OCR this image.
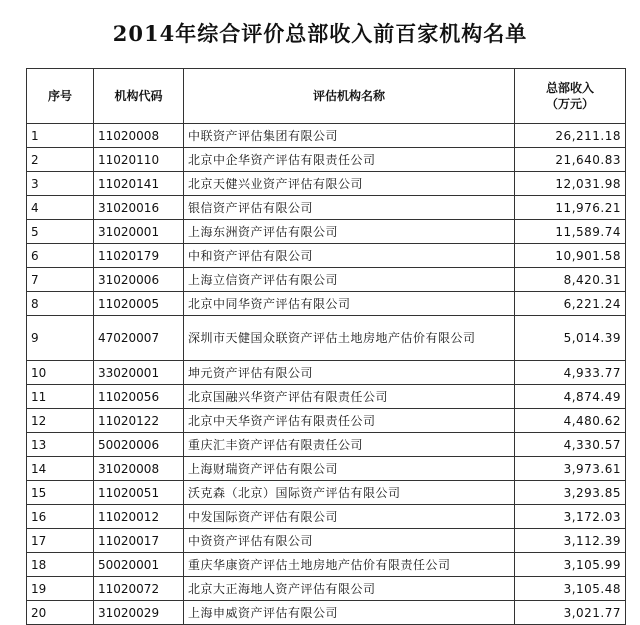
2014年综合评价总部收入前百家机构名单
序号	机构代码	评估机构名称	总部收入
（万元）
1	11020008	中联资产评估集团有限公司	26,211.18
2	11020110	北京中企华资产评估有限责任公司	21,640.83
3	11020141	北京天健兴业资产评估有限公司	12,031.98
4	31020016	银信资产评估有限公司	11,976.21
5	31020001	上海东洲资产评估有限公司	11,589.74
6	11020179	中和资产评估有限公司	10,901.58
7	31020006	上海立信资产评估有限公司	8,420.31
8	11020005	北京中同华资产评估有限公司	6,221.24
9	47020007	深圳市天健国众联资产评估土地房地产估价有限公司	5,014.39
10	33020001	坤元资产评估有限公司	4,933.77
11	11020056	北京国融兴华资产评估有限责任公司	4,874.49
12	11020122	北京中天华资产评估有限责任公司	4,480.62
13	50020006	重庆汇丰资产评估有限责任公司	4,330.57
14	31020008	上海财瑞资产评估有限公司	3,973.61
15	11020051	沃克森（北京）国际资产评估有限公司	3,293.85
16	11020012	中发国际资产评估有限公司	3,172.03
17	11020017	中资资产评估有限公司	3,112.39
18	50020001	重庆华康资产评估土地房地产估价有限责任公司	3,105.99
19	11020072	北京大正海地人资产评估有限公司	3,105.48
20	31020029	上海申威资产评估有限公司	3,021.77
